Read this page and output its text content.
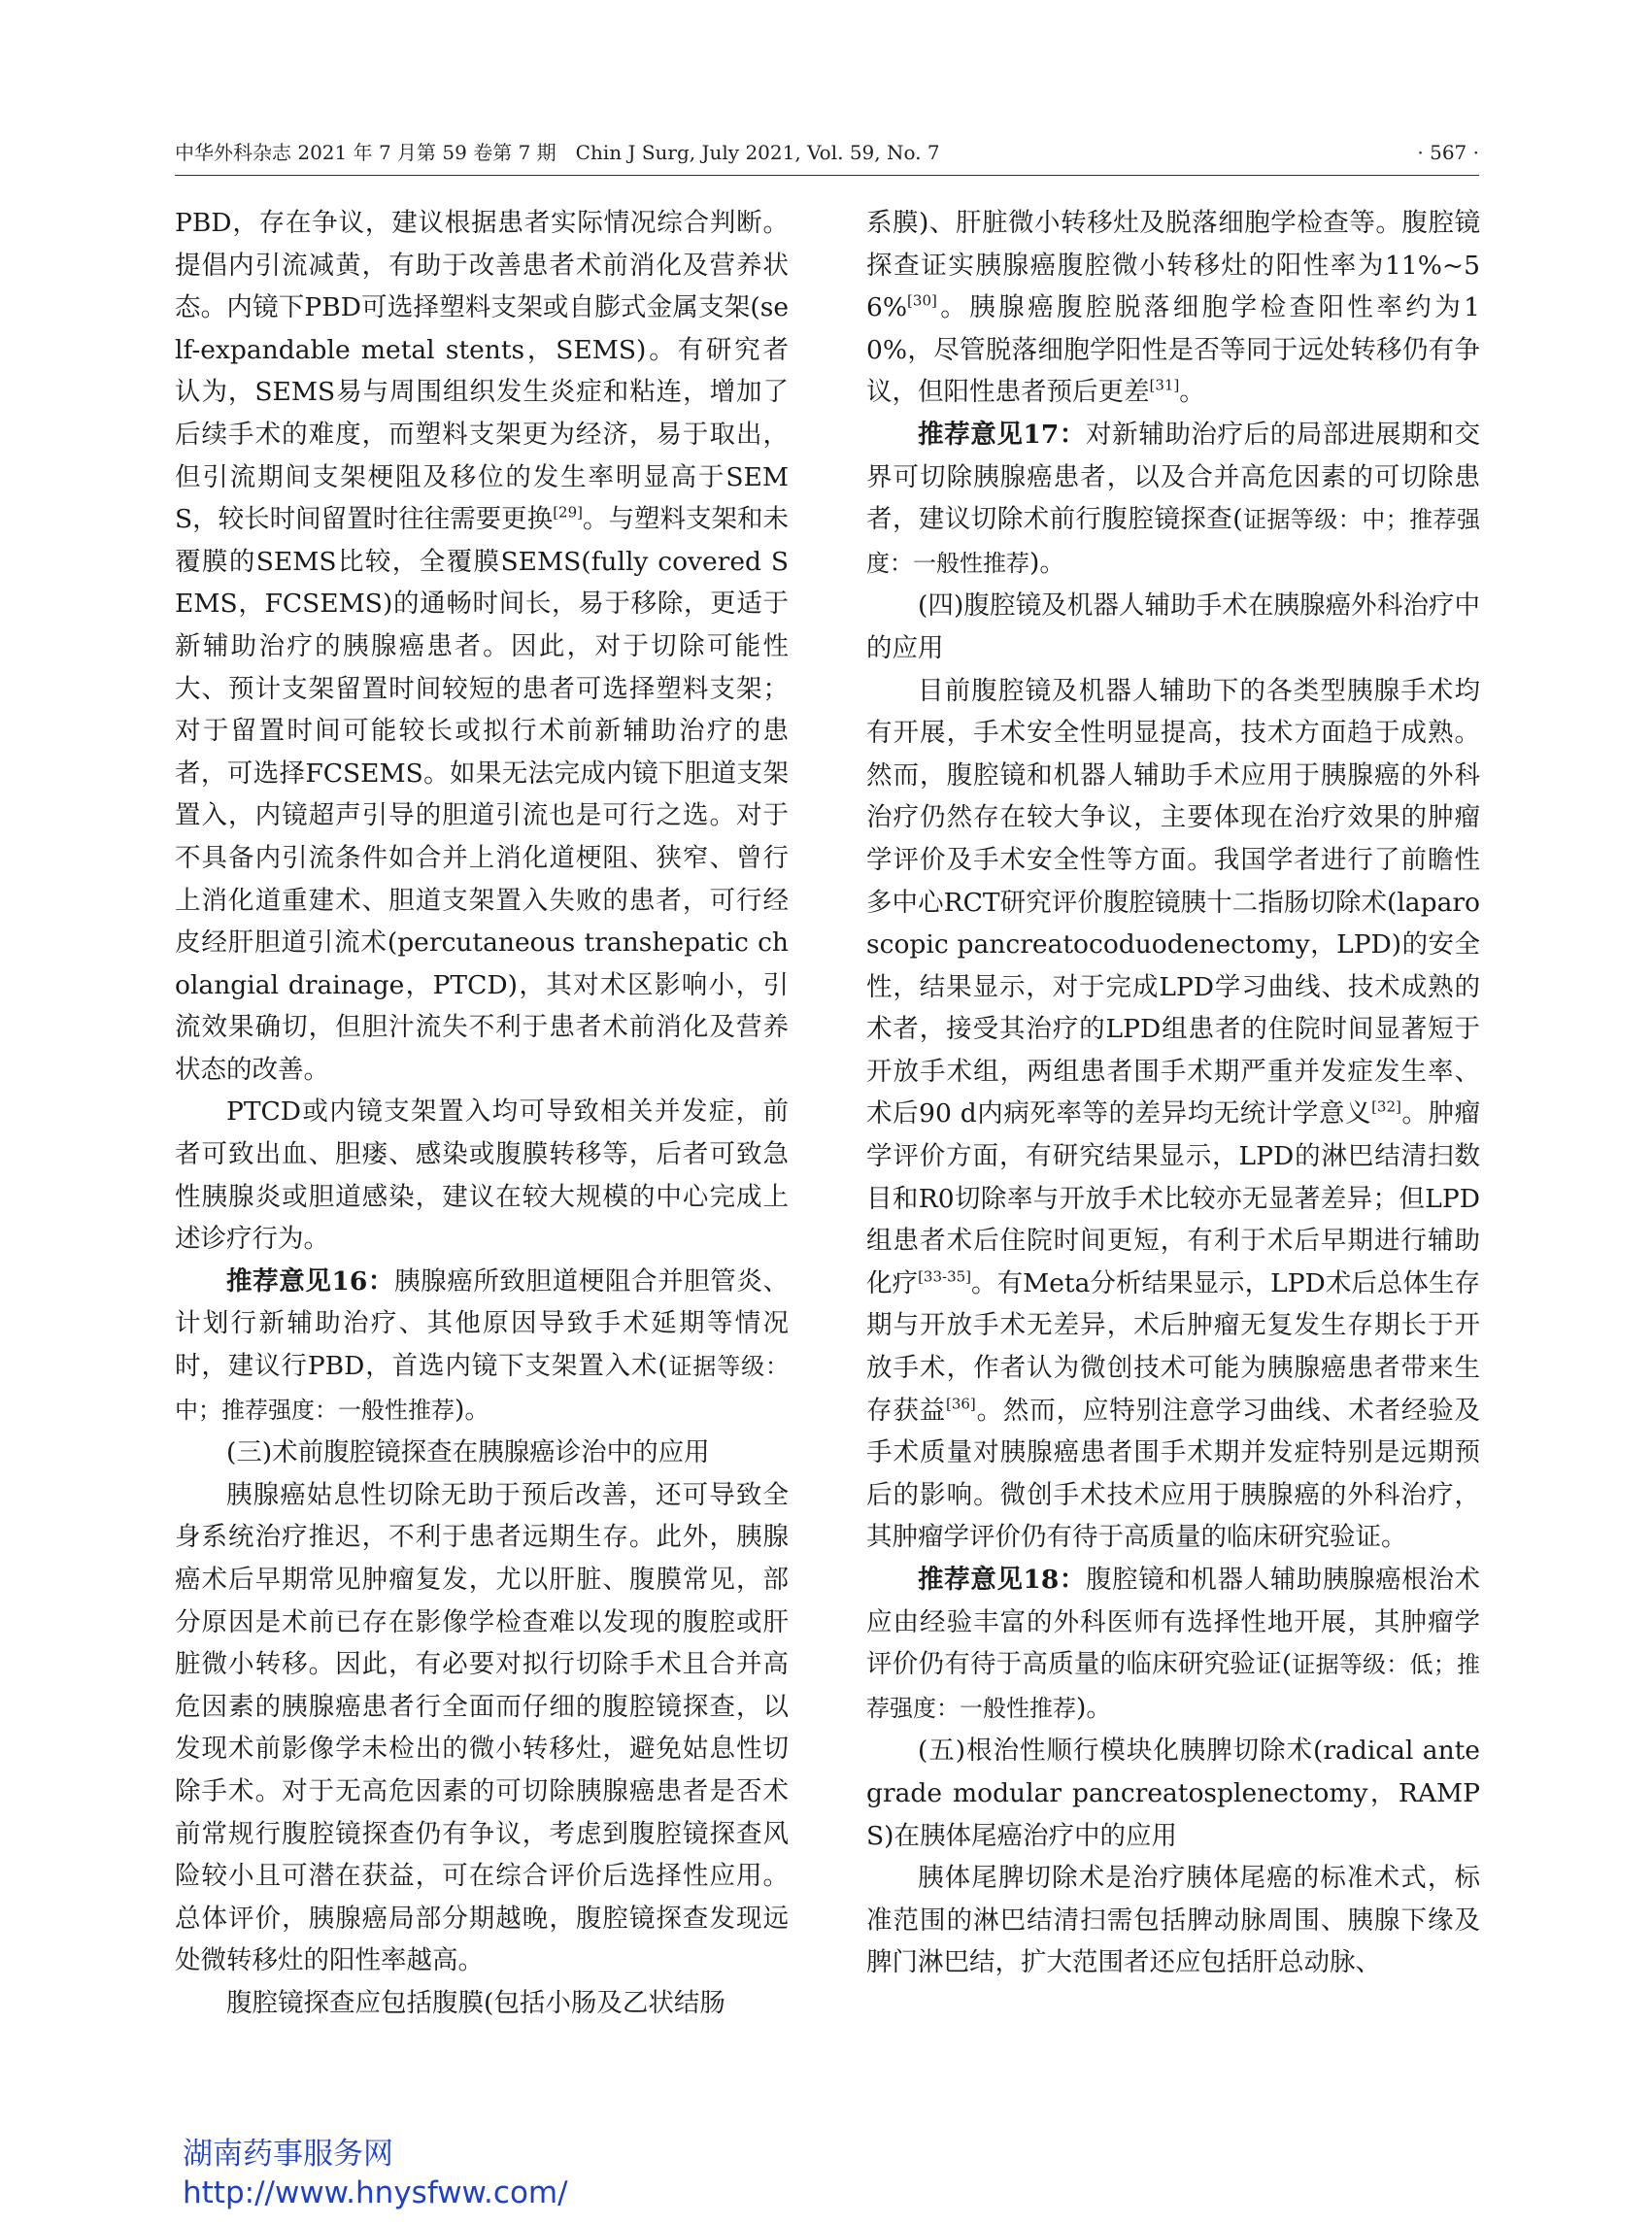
中华外科杂志 2021 年 7 月第 59 卷第 7 期　Chin J Surg, July 2021, Vol. 59, No. 7	· 567 ·

PBD，存在争议，建议根据患者实际情况综合判断。提倡内引流减黄，有助于改善患者术前消化及营养状态。内镜下PBD可选择塑料支架或自膨式金属支架(self-expandable metal stents，SEMS)。有研究者认为，SEMS易与周围组织发生炎症和粘连，增加了后续手术的难度，而塑料支架更为经济，易于取出，但引流期间支架梗阻及移位的发生率明显高于SEMS，较长时间留置时往往需要更换[29]。与塑料支架和未覆膜的SEMS比较，全覆膜SEMS(fully covered SEMS，FCSEMS)的通畅时间长，易于移除，更适于新辅助治疗的胰腺癌患者。因此，对于切除可能性大、预计支架留置时间较短的患者可选择塑料支架；对于留置时间可能较长或拟行术前新辅助治疗的患者，可选择FCSEMS。如果无法完成内镜下胆道支架置入，内镜超声引导的胆道引流也是可行之选。对于不具备内引流条件如合并上消化道梗阻、狭窄、曾行上消化道重建术、胆道支架置入失败的患者，可行经皮经肝胆道引流术(percutaneous transhepatic cholangial drainage，PTCD)，其对术区影响小，引流效果确切，但胆汁流失不利于患者术前消化及营养状态的改善。

PTCD或内镜支架置入均可导致相关并发症，前者可致出血、胆瘘、感染或腹膜转移等，后者可致急性胰腺炎或胆道感染，建议在较大规模的中心完成上述诊疗行为。

推荐意见16：胰腺癌所致胆道梗阻合并胆管炎、计划行新辅助治疗、其他原因导致手术延期等情况时，建议行PBD，首选内镜下支架置入术(证据等级：中；推荐强度：一般性推荐)。

(三)术前腹腔镜探查在胰腺癌诊治中的应用

胰腺癌姑息性切除无助于预后改善，还可导致全身系统治疗推迟，不利于患者远期生存。此外，胰腺癌术后早期常见肿瘤复发，尤以肝脏、腹膜常见，部分原因是术前已存在影像学检查难以发现的腹腔或肝脏微小转移。因此，有必要对拟行切除手术且合并高危因素的胰腺癌患者行全面而仔细的腹腔镜探查，以发现术前影像学未检出的微小转移灶，避免姑息性切除手术。对于无高危因素的可切除胰腺癌患者是否术前常规行腹腔镜探查仍有争议，考虑到腹腔镜探查风险较小且可潜在获益，可在综合评价后选择性应用。总体评价，胰腺癌局部分期越晚，腹腔镜探查发现远处微转移灶的阳性率越高。

腹腔镜探查应包括腹膜(包括小肠及乙状结肠

系膜)、肝脏微小转移灶及脱落细胞学检查等。腹腔镜探查证实胰腺癌腹腔微小转移灶的阳性率为11%~56%[30]。胰腺癌腹腔脱落细胞学检查阳性率约为10%，尽管脱落细胞学阳性是否等同于远处转移仍有争议，但阳性患者预后更差[31]。

推荐意见17：对新辅助治疗后的局部进展期和交界可切除胰腺癌患者，以及合并高危因素的可切除患者，建议切除术前行腹腔镜探查(证据等级：中；推荐强度：一般性推荐)。

(四)腹腔镜及机器人辅助手术在胰腺癌外科治疗中的应用

目前腹腔镜及机器人辅助下的各类型胰腺手术均有开展，手术安全性明显提高，技术方面趋于成熟。然而，腹腔镜和机器人辅助手术应用于胰腺癌的外科治疗仍然存在较大争议，主要体现在治疗效果的肿瘤学评价及手术安全性等方面。我国学者进行了前瞻性多中心RCT研究评价腹腔镜胰十二指肠切除术(laparoscopic pancreatocoduodenectomy，LPD)的安全性，结果显示，对于完成LPD学习曲线、技术成熟的术者，接受其治疗的LPD组患者的住院时间显著短于开放手术组，两组患者围手术期严重并发症发生率、术后90 d内病死率等的差异均无统计学意义[32]。肿瘤学评价方面，有研究结果显示，LPD的淋巴结清扫数目和R0切除率与开放手术比较亦无显著差异；但LPD组患者术后住院时间更短，有利于术后早期进行辅助化疗[33-35]。有Meta分析结果显示，LPD术后总体生存期与开放手术无差异，术后肿瘤无复发生存期长于开放手术，作者认为微创技术可能为胰腺癌患者带来生存获益[36]。然而，应特别注意学习曲线、术者经验及手术质量对胰腺癌患者围手术期并发症特别是远期预后的影响。微创手术技术应用于胰腺癌的外科治疗，其肿瘤学评价仍有待于高质量的临床研究验证。

推荐意见18：腹腔镜和机器人辅助胰腺癌根治术应由经验丰富的外科医师有选择性地开展，其肿瘤学评价仍有待于高质量的临床研究验证(证据等级：低；推荐强度：一般性推荐)。

(五)根治性顺行模块化胰脾切除术(radical antegrade modular pancreatosplenectomy，RAMPS)在胰体尾癌治疗中的应用

胰体尾脾切除术是治疗胰体尾癌的标准术式，标准范围的淋巴结清扫需包括脾动脉周围、胰腺下缘及脾门淋巴结，扩大范围者还应包括肝总动脉、

湖南药事服务网
http://www.hnysfww.com/
